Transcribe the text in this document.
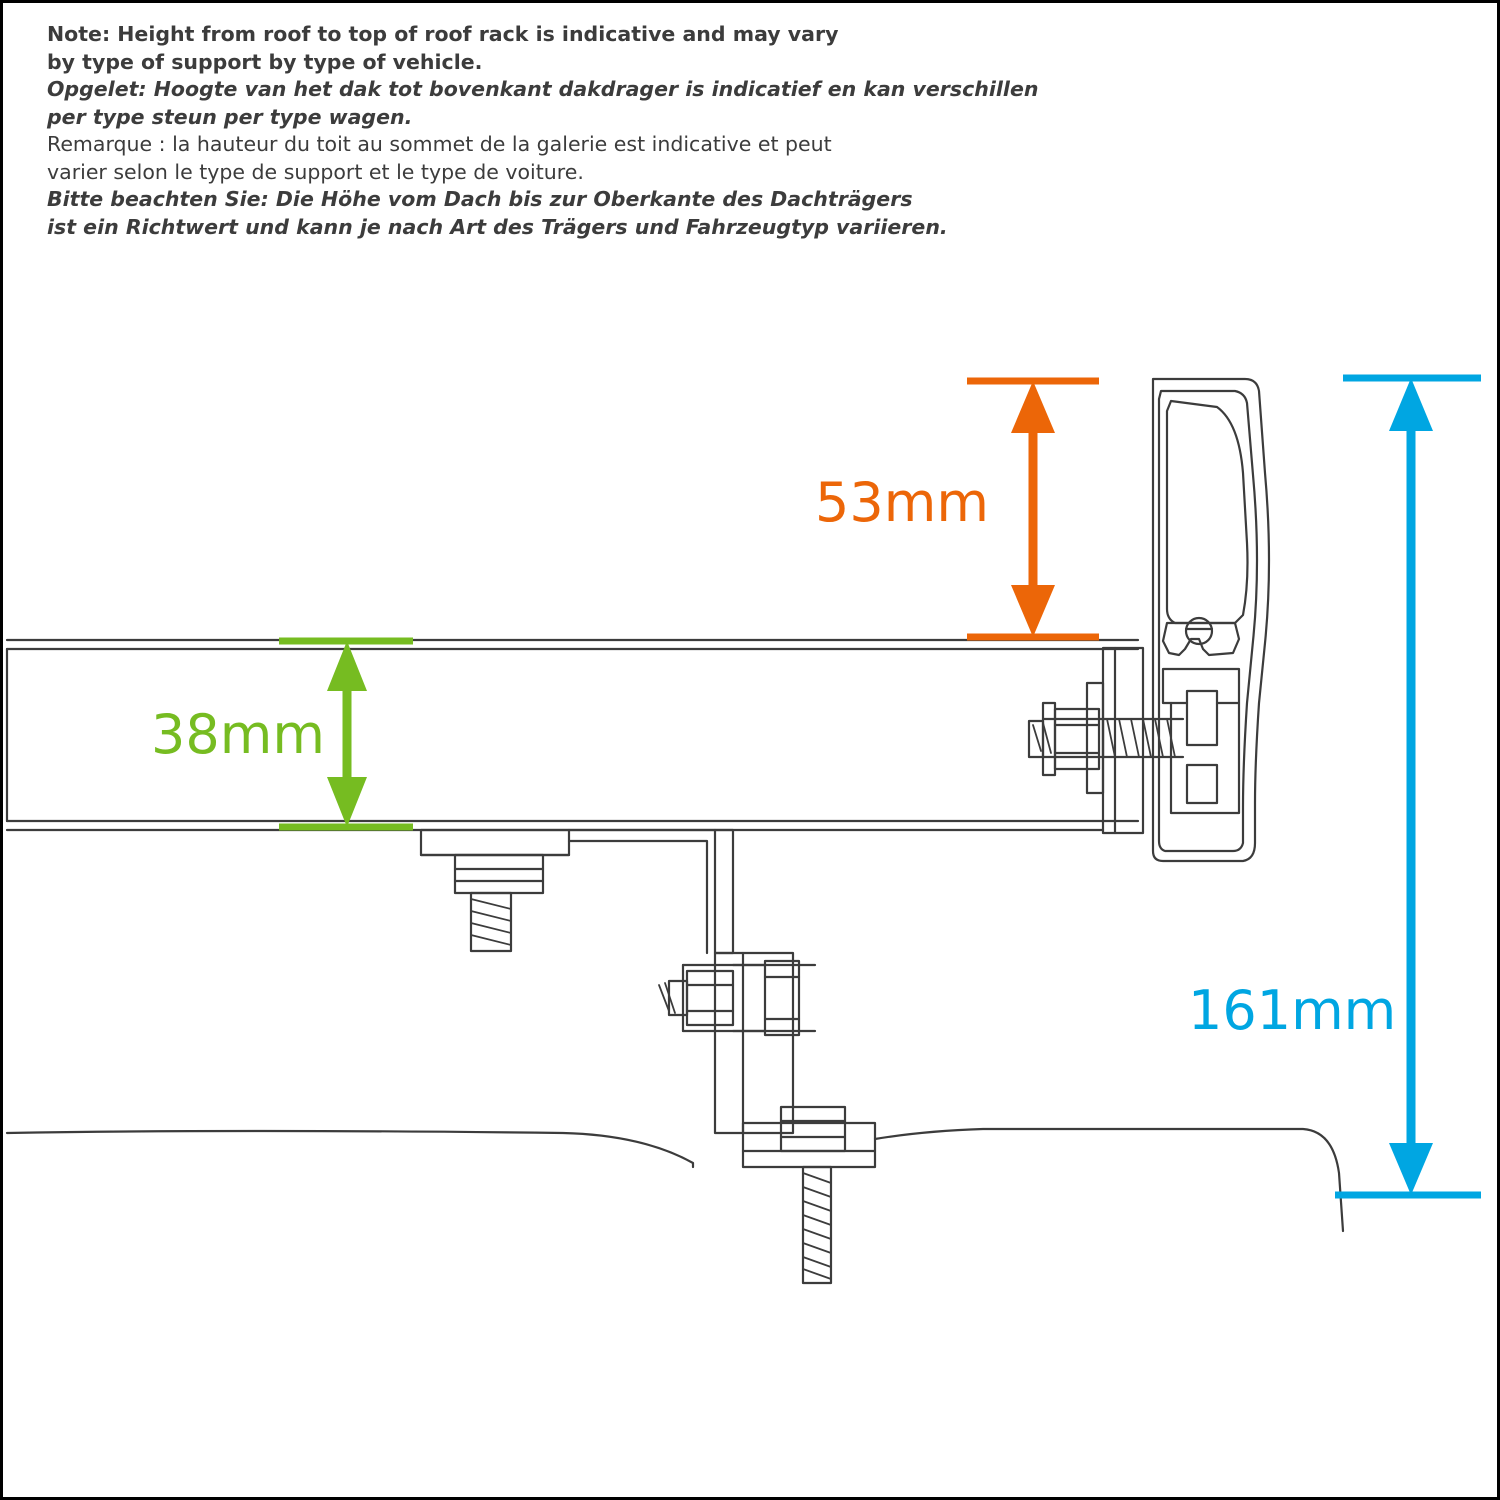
Note: Height from roof to top of roof rack is indicative and may vary
by type of support by type of vehicle.
Opgelet: Hoogte van het dak tot bovenkant dakdrager is indicatief en kan verschillen
per type steun per type wagen.
Remarque : la hauteur du toit au sommet de la galerie est indicative et peut
varier selon le type de support et le type de voiture.
Bitte beachten Sie: Die Höhe vom Dach bis zur Oberkante des Dachträgers
ist ein Richtwert und kann je nach Art des Trägers und Fahrzeugtyp variieren.
53mm
38mm
161mm
